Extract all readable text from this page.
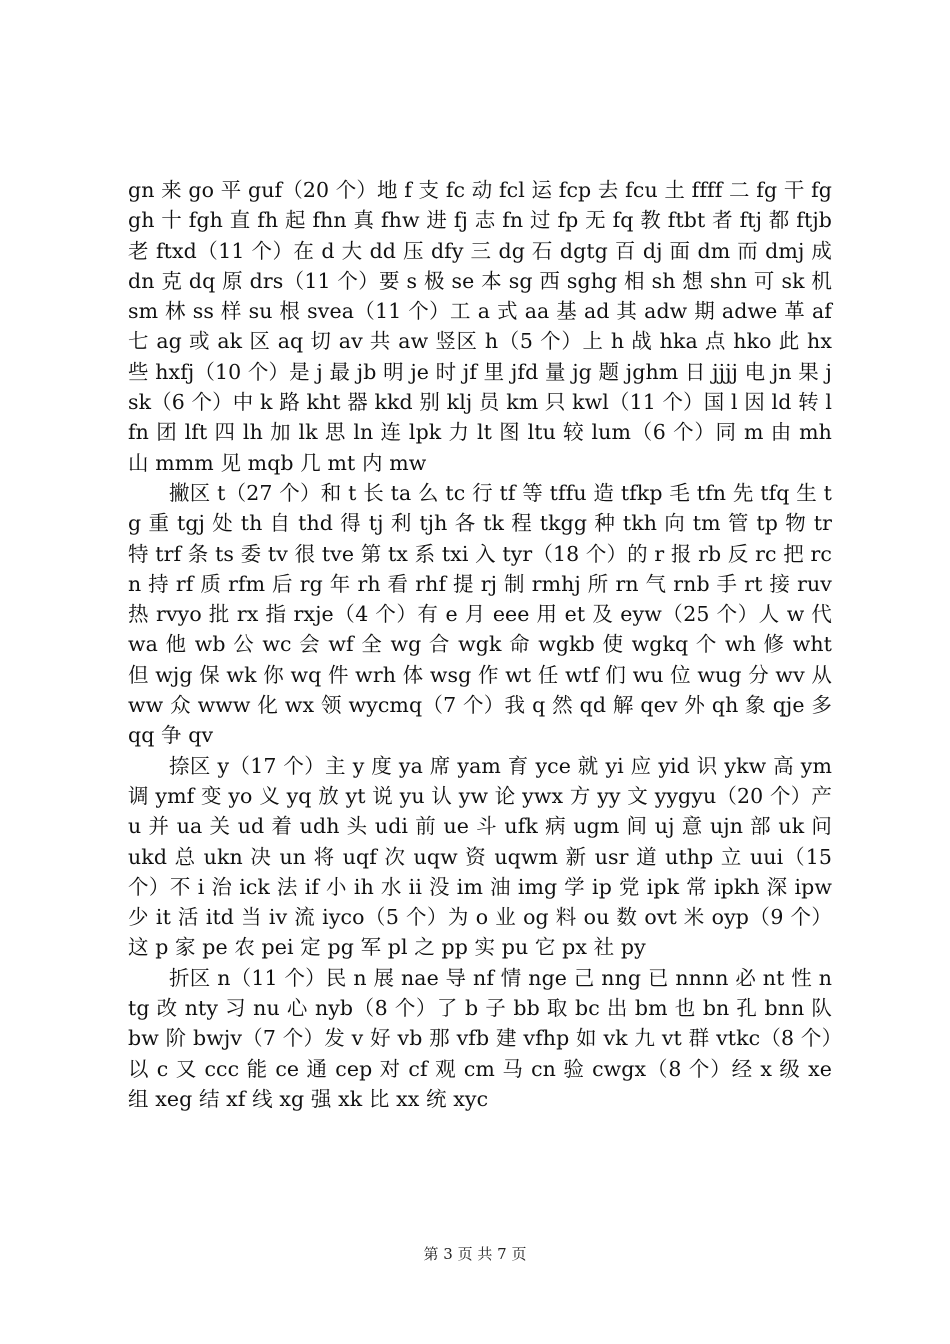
gn 来 go 平 guf（20 个）地 f 支 fc 动 fcl 运 fcp 去 fcu 土 ffff 二 fg 干 fggh 十 fgh 直 fh 起 fhn 真 fhw 进 fj 志 fn 过 fp 无 fq 教 ftbt 者 ftj 都 ftjb 老 ftxd（11 个）在 d 大 dd 压 dfy 三 dg 石 dgtg 百 dj 面 dm 而 dmj 成 dn 克 dq 原 drs（11 个）要 s 极 se 本 sg 西 sghg 相 sh 想 shn 可 sk 机 sm 林 ss 样 su 根 svea（11 个）工 a 式 aa 基 ad 其 adw 期 adwe 革 af 七 ag 或 ak 区 aq 切 av 共 aw 竖区 h（5 个）上 h 战 hka 点 hko 此 hx 些 hxfj（10 个）是 j 最 jb 明 je 时 jf 里 jfd 量 jg 题 jghm 日 jjjj 电 jn 果 jsk（6 个）中 k 路 kht 器 kkd 别 klj 员 km 只 kwl（11 个）国 l 因 ld 转 lfn 团 lft 四 lh 加 lk 思 ln 连 lpk 力 lt 图 ltu 较 lum（6 个）同 m 由 mh 山 mmm 见 mqb 几 mt 内 mw

撇区 t（27 个）和 t 长 ta 么 tc 行 tf 等 tffu 造 tfkp 毛 tfn 先 tfq 生 tg 重 tgj 处 th 自 thd 得 tj 利 tjh 各 tk 程 tkgg 种 tkh 向 tm 管 tp 物 tr 特 trf 条 ts 委 tv 很 tve 第 tx 系 txi 入 tyr（18 个）的 r 报 rb 反 rc 把 rcn 持 rf 质 rfm 后 rg 年 rh 看 rhf 提 rj 制 rmhj 所 rn 气 rnb 手 rt 接 ruv 热 rvyo 批 rx 指 rxje（4 个）有 e 月 eee 用 et 及 eyw（25 个）人 w 代 wa 他 wb 公 wc 会 wf 全 wg 合 wgk 命 wgkb 使 wgkq 个 wh 修 wht 但 wjg 保 wk 你 wq 件 wrh 体 wsg 作 wt 任 wtf 们 wu 位 wug 分 wv 从 ww 众 www 化 wx 领 wycmq（7 个）我 q 然 qd 解 qev 外 qh 象 qje 多 qq 争 qv

捺区 y（17 个）主 y 度 ya 席 yam 育 yce 就 yi 应 yid 识 ykw 高 ym 调 ymf 变 yo 义 yq 放 yt 说 yu 认 yw 论 ywx 方 yy 文 yygyu（20 个）产 u 并 ua 关 ud 着 udh 头 udi 前 ue 斗 ufk 病 ugm 间 uj 意 ujn 部 uk 问 ukd 总 ukn 决 un 将 uqf 次 uqw 资 uqwm 新 usr 道 uthp 立 uui（15 个）不 i 治 ick 法 if 小 ih 水 ii 没 im 油 img 学 ip 党 ipk 常 ipkh 深 ipw 少 it 活 itd 当 iv 流 iyco（5 个）为 o 业 og 料 ou 数 ovt 米 oyp（9 个）这 p 家 pe 农 pei 定 pg 军 pl 之 pp 实 pu 它 px 社 py

折区 n（11 个）民 n 展 nae 导 nf 情 nge 己 nng 已 nnnn 必 nt 性 ntg 改 nty 习 nu 心 nyb（8 个）了 b 子 bb 取 bc 出 bm 也 bn 孔 bnn 队 bw 阶 bwjv（7 个）发 v 好 vb 那 vfb 建 vfhp 如 vk 九 vt 群 vtkc（8 个）以 c 又 ccc 能 ce 通 cep 对 cf 观 cm 马 cn 验 cwgx（8 个）经 x 级 xe 组 xeg 结 xf 线 xg 强 xk 比 xx 统 xyc

第 3 页 共 7 页
